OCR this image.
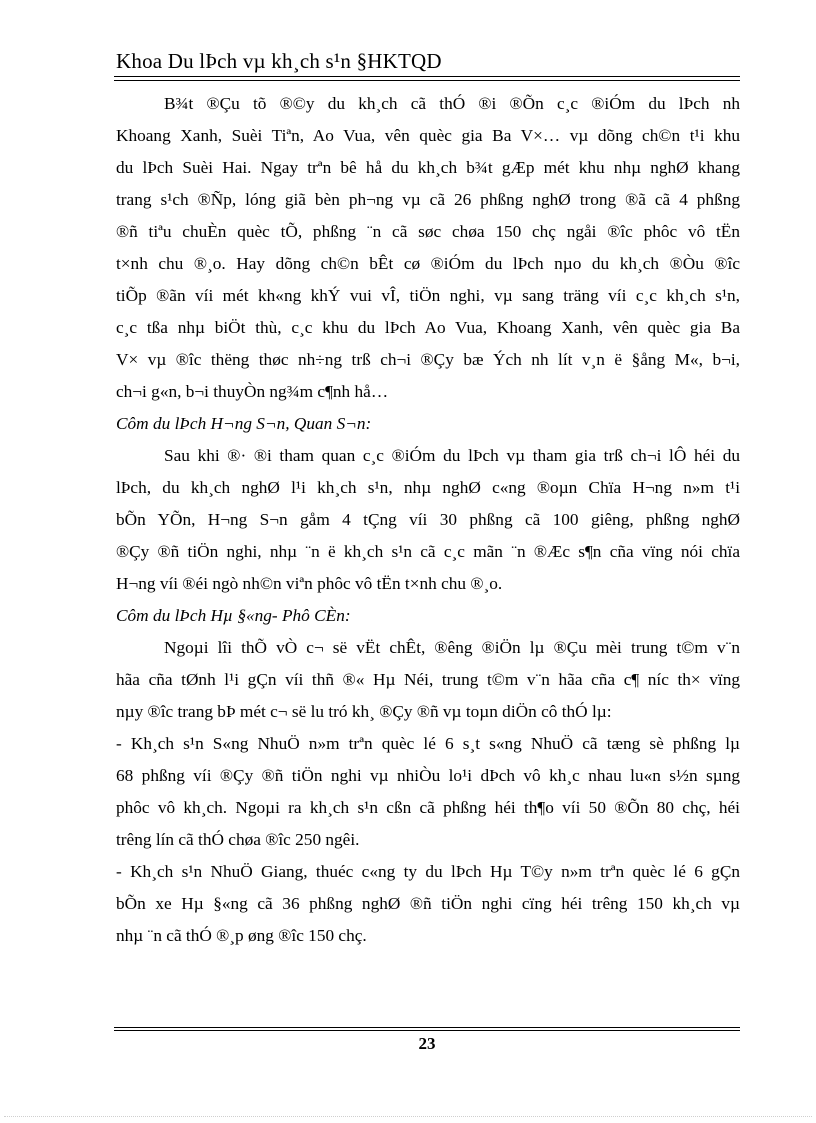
Khoa Du lÞch vµ kh¸ch s¹n §HKTQD
B¾t ®Çu tõ ®©y du kh¸ch cã thÓ ®i ®Õn c¸c ®iÓm du lÞch nh
Khoang Xanh, Suèi Tiªn, Ao Vua, vên quèc gia Ba V×… vµ dõng ch©n t¹i khu
du lÞch Suèi Hai. Ngay trªn bê hå du kh¸ch b¾t gÆp mét khu nhµ nghØ khang
trang s¹ch ®Ñp, lóng giã bèn ph¬ng vµ cã 26 phßng nghØ trong ®ã cã 4 phßng
®ñ tiªu chuÈn quèc tÕ, phßng ¨n cã søc chøa 150 chç ngåi ®îc phôc vô tËn
t×nh chu ®¸o. Hay dõng ch©n bÊt cø ®iÓm du lÞch nµo du kh¸ch ®Òu ®îc
tiÕp ®ãn víi mét kh«ng khÝ vui vÎ, tiÖn nghi, vµ sang träng víi c¸c kh¸ch s¹n,
c¸c tßa nhµ biÖt thù, c¸c khu du lÞch Ao Vua, Khoang Xanh, vên quèc gia Ba
V× vµ ®îc thëng thøc nh÷ng trß ch¬i ®Çy bæ Ých nh lít v¸n ë §ång M«, b¬i,
ch¬i g«n, b¬i thuyÒn ng¾m c¶nh hå…
Côm du lÞch H¬ng S¬n, Quan S¬n:
Sau khi ®· ®i tham quan c¸c ®iÓm du lÞch vµ tham gia trß ch¬i lÔ héi du
lÞch, du kh¸ch nghØ l¹i kh¸ch s¹n, nhµ nghØ c«ng ®oµn Chïa H¬ng n»m t¹i
bÕn YÕn, H¬ng S¬n gåm 4 tÇng víi 30 phßng cã 100 giêng, phßng nghØ
®Çy ®ñ tiÖn nghi, nhµ ¨n ë kh¸ch s¹n cã c¸c mãn ¨n ®Æc s¶n cña vïng nói chïa
H¬ng víi ®éi ngò nh©n viªn phôc vô tËn t×nh chu ®¸o.
Côm du lÞch Hµ §«ng- Phô CÈn:
Ngoµi lîi thÕ vÒ c¬ së vËt chÊt, ®êng ®iÖn lµ ®Çu mèi trung t©m v¨n
hãa cña tØnh l¹i gÇn víi thñ ®« Hµ Néi, trung t©m v¨n hãa cña c¶ níc th× vïng
nµy ®îc trang bÞ mét c¬ së lu tró kh¸ ®Çy ®ñ vµ toµn diÖn cô thÓ lµ:
- Kh¸ch s¹n S«ng NhuÖ n»m trªn quèc lé 6 s¸t s«ng NhuÖ cã tæng sè phßng lµ
68 phßng víi ®Çy ®ñ tiÖn nghi vµ nhiÒu lo¹i dÞch vô kh¸c nhau lu«n s½n sµng
phôc vô kh¸ch. Ngoµi ra kh¸ch s¹n cßn cã phßng héi th¶o víi 50 ®Õn 80 chç, héi
trêng lín cã thÓ chøa ®îc 250 ngêi.
- Kh¸ch s¹n NhuÖ Giang, thuéc c«ng ty du lÞch Hµ T©y n»m trªn quèc lé 6 gÇn
bÕn xe Hµ §«ng cã 36 phßng nghØ ®ñ tiÖn nghi cïng héi trêng 150 kh¸ch vµ
nhµ ¨n cã thÓ ®¸p øng ®îc 150 chç.
23
